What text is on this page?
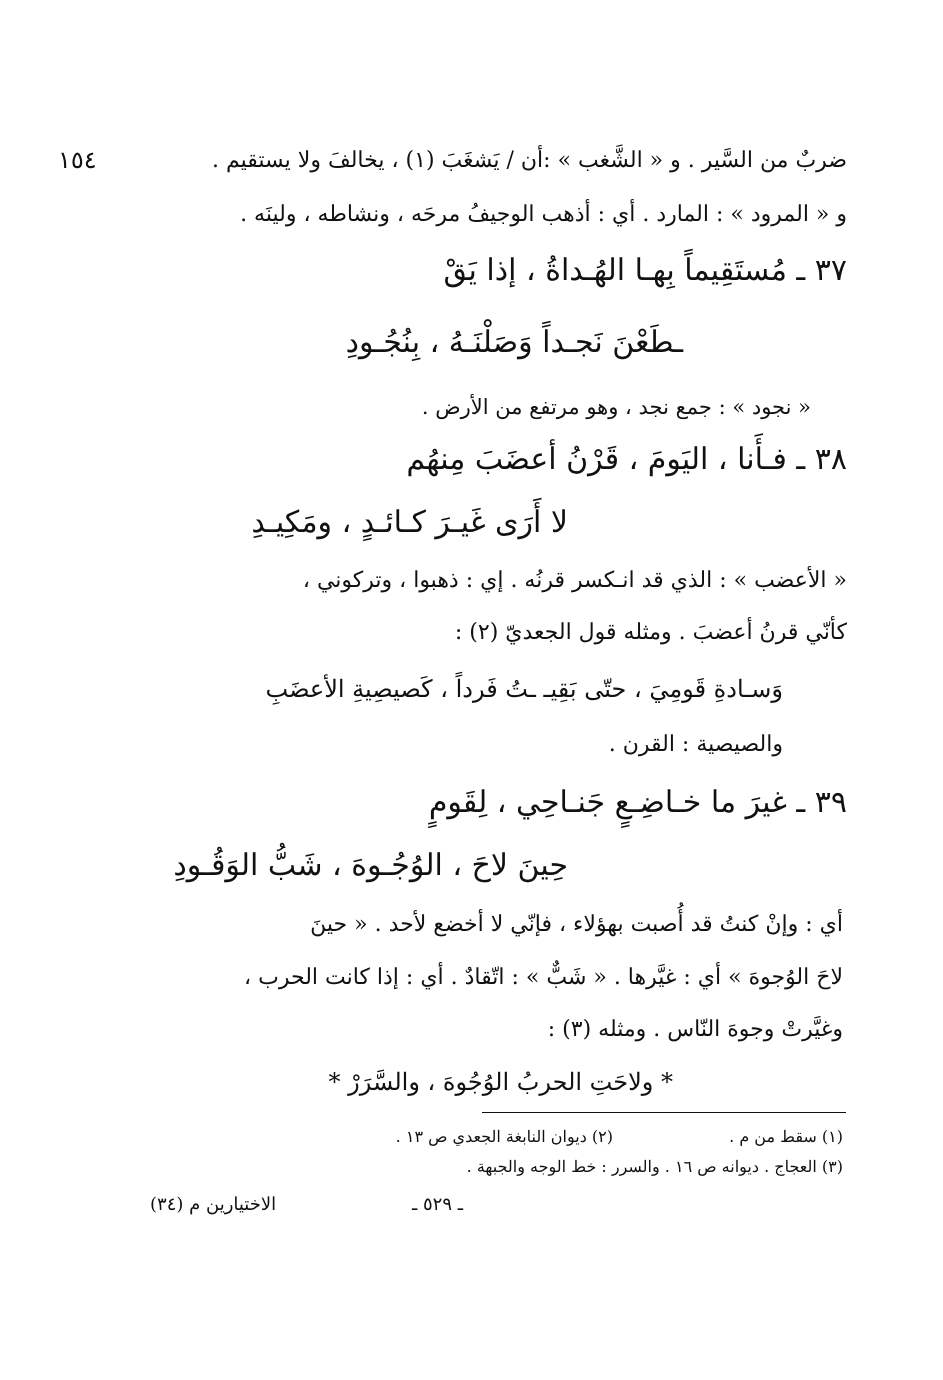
١٥٤	ضربٌ من السَّير . و « الشَّغب » :أن / يَشغَبَ (١) ، يخالفَ ولا يستقيم .
و « المرود » : المارد . أي : أذهب الوجيفُ مرحَه ، ونشاطه ، ولينَه .
٣٧ ـ مُستَقِيماً بِهـا الهُـداةُ ، إذا يَقْ
ـطَعْنَ نَجـداً وَصَلْنَـهُ ، بِنُجُـودِ
« نجود » : جمع نجد ، وهو مرتفع من الأرض .
٣٨ ـ فـأَنا ، اليَومَ ، قَرْنُ أعضَبَ مِنهُم
لا أَرَى غَيـرَ كـائـدٍ ، ومَكِيـدِ
« الأعضب » : الذي قد انـكسر قرنُه . إي : ذهبوا ، وتركوني ،
كأنّي قرنُ أعضبَ . ومثله قول الجعديّ (٢) :
وَسـادةِ قَومِيَ ، حتّى بَقِيـ ـتُ فَرداً ، كَصيصِيةِ الأعضَبِ
والصيصية : القرن .
٣٩ ـ غيرَ ما خـاضِـعٍ جَنـاحِي ، لِقَومٍ
حِينَ لاحَ ، الوُجُـوهَ ، شَبُّ الوَقُـودِ
أي : وإنْ كنتُ قد أُصبت بهؤلاء ، فإنّي لا أخضع لأحد . « حينَ
لاحَ الوُجوهَ » أي : غيَّرها . « شَبٌّ » : اتّقادٌ . أي : إذا كانت الحرب ،
وغيَّرتْ وجوهَ النّاس . ومثله (٣) :
* ولاحَتِ الحربُ الوُجُوهَ ، والسَّرَرْ *
(١) سقط من م .
(٢) ديوان النابغة الجعدي ص ١٣ .
(٣) العجاج . ديوانه ص ١٦ . والسرر : خط الوجه والجبهة .
ـ ٥٢٩ ـ
الاختيارين م (٣٤)
